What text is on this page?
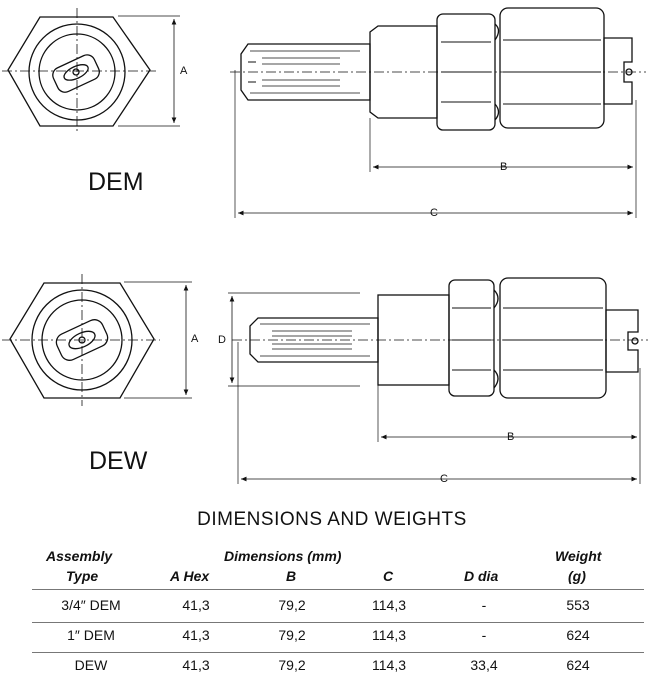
A
B
C
A D
B
C
DEM
DEW
DIMENSIONS AND WEIGHTS
Assembly
Type
Dimensions (mm)
A Hex	B	C	D dia
Weight
(g)
3/4″ DEM	41,3	79,2	114,3	-	553
1″ DEM	41,3	79,2	114,3	-	624
DEW	41,3	79,2	114,3	33,4	624
